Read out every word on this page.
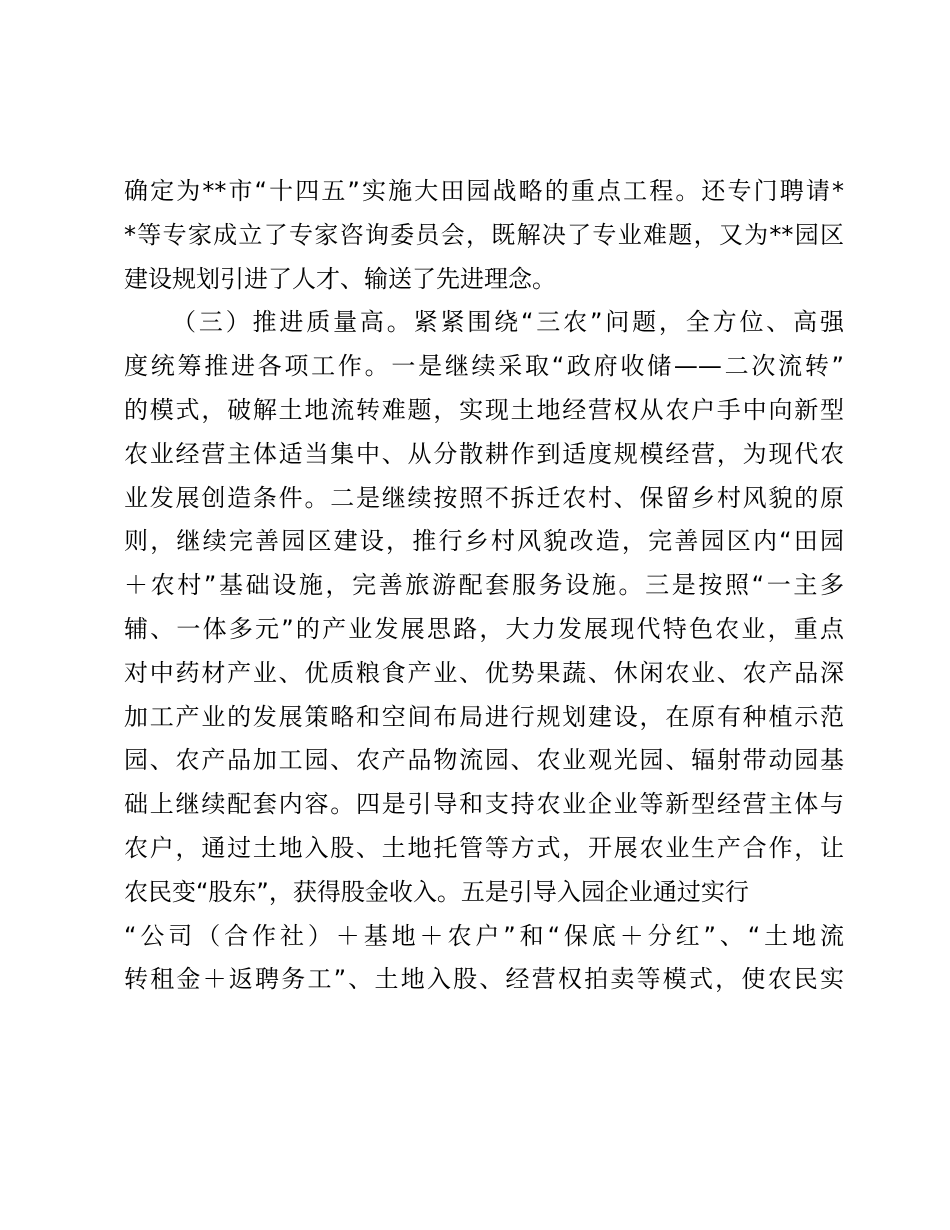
确定为**市“十四五”实施大田园战略的重点工程。还专门聘请*
*等专家成立了专家咨询委员会，既解决了专业难题，又为**园区
建设规划引进了人才、输送了先进理念。
（三）推进质量高。紧紧围绕“三农”问题，全方位、高强
度统筹推进各项工作。一是继续采取“政府收储——二次流转”
的模式，破解土地流转难题，实现土地经营权从农户手中向新型
农业经营主体适当集中、从分散耕作到适度规模经营，为现代农
业发展创造条件。二是继续按照不拆迁农村、保留乡村风貌的原
则，继续完善园区建设，推行乡村风貌改造，完善园区内“田园
＋农村”基础设施，完善旅游配套服务设施。三是按照“一主多
辅、一体多元”的产业发展思路，大力发展现代特色农业，重点
对中药材产业、优质粮食产业、优势果蔬、休闲农业、农产品深
加工产业的发展策略和空间布局进行规划建设，在原有种植示范
园、农产品加工园、农产品物流园、农业观光园、辐射带动园基
础上继续配套内容。四是引导和支持农业企业等新型经营主体与
农户，通过土地入股、土地托管等方式，开展农业生产合作，让
农民变“股东”，获得股金收入。五是引导入园企业通过实行
“公司（合作社）＋基地＋农户”和“保底＋分红”、“土地流
转租金＋返聘务工”、土地入股、经营权拍卖等模式，使农民实
